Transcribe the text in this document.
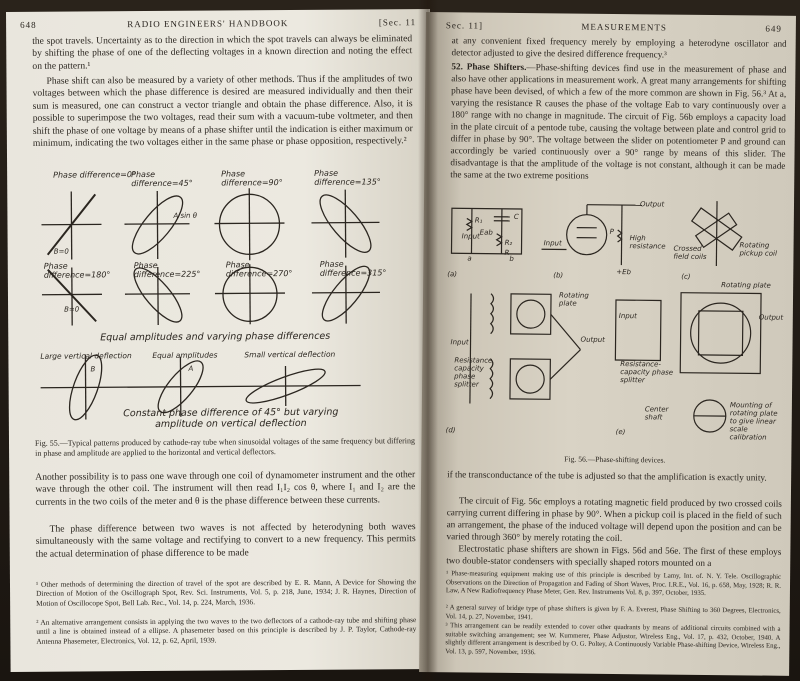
648	RADIO ENGINEERS' HANDBOOK	[Sec. 11

the spot travels. Uncertainty as to the direction in which the spot travels can always be eliminated by shifting the phase of one of the deflecting voltages in a known direction and noting the effect on the pattern.¹

Phase shift can also be measured by a variety of other methods. Thus if the amplitudes of two voltages between which the phase difference is desired are measured individually and then their sum is measured, one can construct a vector triangle and obtain the phase difference. Also, it is possible to superimpose the two voltages, read their sum with a vacuum-tube voltmeter, and then shift the phase of one voltage by means of a phase shifter until the indication is either maximum or minimum, indicating the two voltages either in the same phase or phase opposition, respectively.²

Phase difference=0°
Phase difference=45°
Phase difference=90°
Phase difference=135°
B=0
A sin θ
B=0
Phase difference=180°
Phase difference=225°
Phase difference=270°
Phase difference=315°
Equal amplitudes and varying phase differences
Large vertical deflection	Equal amplitudes	Small vertical deflection
B	A
Constant phase difference of 45° but varying
amplitude on vertical deflection

Fig. 55.—Typical patterns produced by cathode-ray tube when sinusoidal voltages of the same frequency but differing in phase and amplitude are applied to the horizontal and vertical deflectors.

Another possibility is to pass one wave through one coil of dynamometer instrument and the other wave through the other coil. The instrument will then read I₁I₂ cos θ, where I₁ and I₂ are the currents in the two coils of the meter and θ is the phase difference between these currents.

The phase difference between two waves is not affected by heterodyning both waves simultaneously with the same voltage and rectifying to convert to a new frequency. This permits the actual determination of phase difference to be made

¹ Other methods of determining the direction of travel of the spot are described by E. R. Mann, A Device for Showing the Direction of Motion of the Oscillograph Spot, Rev. Sci. Instruments, Vol. 5, p. 218, June, 1934; J. R. Haynes, Direction of Motion of Oscillocope Spot, Bell Lab. Rec., Vol. 14, p. 224, March, 1936.

² An alternative arrangement consists in applying the two waves to the two deflectors of a cathode-ray tube and shifting phase until a line is obtained instead of a ellipse. A phasemeter based on this principle is described by J. P. Taylor, Cathode-ray Antenna Phasemeter, Electronics, Vol. 12, p. 62, April, 1939.

Sec. 11]	MEASUREMENTS	649

at any convenient fixed frequency merely by employing a heterodyne oscillator and detector adjusted to give the desired difference frequency.³

52. Phase Shifters.—Phase-shifting devices find use in the measurement of phase and also have other applications in measurement work. A great many arrangements for shifting phase have been devised, of which a few of the more common are shown in Fig. 56.³ At a, varying the resistance R causes the phase of the voltage Eab to vary continuously over a 180° range with no change in magnitude. The circuit of Fig. 56b employs a capacity load in the plate circuit of a pentode tube, causing the voltage between plate and control grid to differ in phase by 90°. The voltage between the slider on potentiometer P and ground can accordingly be varied continuously over a 90° range by means of this slider. The disadvantage is that the amplitude of the voltage is not constant, although it can be made the same at the two extreme positions

Input
R₁
R₂
C
R
a	b
Eab
Output
P
High resistance
+Eb
Input
Crossed field coils
Rotating pickup coil
(a)	(b)	(c)
(d)	(e)
Rotating plate
Input
Resistance capacity phase splitter
Output
Rotating plate
Input	Output
Resistance-capacity phase splitter
Center shaft
Mounting of rotating plate to give linear scale calibration

Fig. 56.—Phase-shifting devices.

if the transconductance of the tube is adjusted so that the amplification is exactly unity.

The circuit of Fig. 56c employs a rotating magnetic field produced by two crossed coils carrying current differing in phase by 90°. When a pickup coil is placed in the field of such an arrangement, the phase of the induced voltage will depend upon the position and can be varied through 360° by merely rotating the coil.

Electrostatic phase shifters are shown in Figs. 56d and 56e. The first of these employs two double-stator condensers with specially shaped rotors mounted on a

¹ Phase-measuring equipment making use of this principle is described by Lamy, Int. of. N. Y. Tele. Oscillographic Observations on the Direction of Propagation and Fading of Short Waves, Proc. I.R.E., Vol. 16, p. 658, May, 1928; R. R. Law, A New Radiofrequency Phase Meter, Gen. Rev. Instruments Vol. 8, p. 397, October, 1935.

² A general survey of bridge type of phase shifters is given by F. A. Everest, Phase Shifting to 360 Degrees, Electronics, Vol. 14, p. 27, November, 1941.

³ This arrangement can be readily extended to cover other quadrants by means of additional circuits combined with a suitable switching arrangement; see W. Kummerer, Phase Adjustor, Wireless Eng., Vol. 17, p. 432, October, 1940. A slightly different arrangement is described by O. G. Poltey, A Continuously Variable Phase-shifting Device, Wireless Eng., Vol. 13, p. 597, November, 1936.
